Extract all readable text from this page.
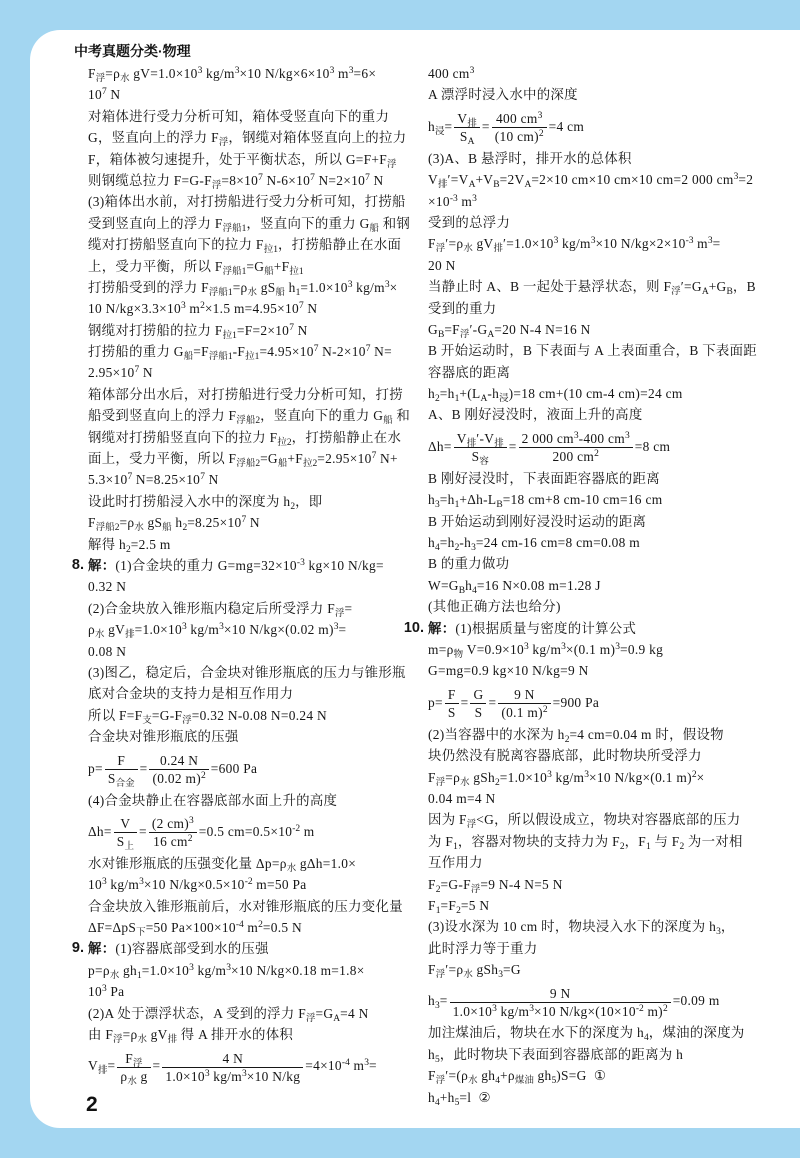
中考真题分类·物理
$F_浮=\rho_水$ $gV=1.0\times 10^3$ $kg/m^3\times 10$ $N/kg\times 6\times 10^3$ $m^3=6\times$
$10^7$ N
对箱体进行受力分析可知，箱体受竖直向下的重力
G，竖直向上的浮力 $F_浮$，钢缆对箱体竖直向上的拉力
F，箱体被匀速提升，处于平衡状态，所以 $G=F+F_浮$
则钢缆总拉力 $F=G-F_浮=8\times 10^7$ $N-6\times 10^7$ $N=2\times 10^7$ N
(3)箱体出水前，对打捞船进行受力分析可知，打捞船
受到竖直向上的浮力 $F_{浮船1}$，竖直向下的重力 $G_船$ 和钢
缆对打捞船竖直向下的拉力 $F_{拉1}$，打捞船静止在水面
上，受力平衡，所以 $F_{浮船1}=G_船+F_{拉1}$
打捞船受到的浮力 $F_{浮船1}=\rho_水$ $gS_船$ $h_1=1.0\times 10^3$ $kg/m^3\times$
10 $N/kg\times 3.3\times 10^3$ $m^2\times 1.5$ $m=4.95\times 10^7$ N
钢缆对打捞船的拉力 $F_{拉1}=F=2\times 10^7$ N
打捞船的重力 $G_船=F_{浮船1}-F_{拉1}=4.95\times 10^7$ $N-2\times 10^7$ N=
$2.95\times 10^7$ N
箱体部分出水后，对打捞船进行受力分析可知，打捞
船受到竖直向上的浮力 $F_{浮船2}$，竖直向下的重力 $G_船$ 和
钢缆对打捞船竖直向下的拉力 $F_{拉2}$，打捞船静止在水
面上，受力平衡，所以 $F_{浮船2}=G_船+F_{拉2}=2.95\times 10^7$ N+
$5.3\times 10^7$ $N=8.25\times 10^7$ N
设此时打捞船浸入水中的深度为 $h_2$，即
$F_{浮船2}=\rho_水$ $gS_船$ $h_2=8.25\times 10^7$ N
解得 $h_2=2.5$ m
8. 解：(1)合金块的重力 $G=mg=32\times 10^{-3}$ kg×10 N/kg=
0.32 N
(2)合金块放入锥形瓶内稳定后所受浮力 $F_浮=$
$\rho_水$ $gV_排=1.0\times 10^3$ $kg/m^3\times 10$ N/kg×(0.02 m)$^3$=
0.08 N
(3)图乙，稳定后，合金块对锥形瓶底的压力与锥形瓶
底对合金块的支持力是相互作用力
所以 $F=F_支=G-F_浮=0.32$ N-0.08 N=0.24 N
合金块对锥形瓶底的压强
$p= \frac{F}{S_{合金}} = \frac{0.24 N}{(0.02 m)^2} =600$ Pa
(4)合金块静止在容器底部水面上升的高度
$\Delta h= \frac{V}{S_上} = \frac{(2 cm)^3}{16 cm^2} =0.5$ $cm=0.5\times 10^{-2}$ m
水对锥形瓶底的压强变化量 $\Delta p=\rho_水$ gΔh=1.0×
$10^3$ $kg/m^3\times 10$ $N/kg\times 0.5\times 10^{-2}$ m=50 Pa
合金块放入锥形瓶前后，水对锥形瓶底的压力变化量
ΔF=ΔpS$_下$=50 $Pa\times 100\times 10^{-4}$ $m^2=0.5$ N
9. 解：(1)容器底部受到水的压强
$p=\rho_水$ $gh_1=1.0\times 10^3$ $kg/m^3\times 10$ N/kg×0.18 m=1.8×
$10^3$ Pa
(2)A 处于漂浮状态，A 受到的浮力 $F_浮=G_A=4$ N
由 $F_浮=\rho_水$ $gV_排$ 得 A 排开水的体积
$V_排= \frac{F_浮}{\rho_水 g} = \frac{4 N}{1.0\times 10^3 kg/m^3\times 10 N/kg} =4\times 10^{-4}$ $m^3=$
400 $cm^3$
A 漂浮时浸入水中的深度
$h_浸= \frac{V_排}{S_A} = \frac{400 cm^3}{(10 cm)^2} =4$ cm
(3)A、B 悬浮时，排开水的总体积
$V_排'=V_A+V_B=2V_A=2\times 10$ cm×10 cm×10 cm=2 000 $cm^3=2$
$\times 10^{-3}$ $m^3$
受到的总浮力
$F_浮'=\rho_水$ $gV_排'=1.0\times 10^3$ $kg/m^3\times 10$ $N/kg\times 2\times 10^{-3}$ $m^3=$
20 N
当静止时 A、B 一起处于悬浮状态，则 $F_浮'=G_A+G_B$，B
受到的重力
$G_B=F_浮'-G_A=20$ N-4 N=16 N
B 开始运动时，B 下表面与 A 上表面重合，B 下表面距
容器底的距离
$h_2=h_1+(L_A-h_浸)=18$ cm+(10 cm-4 cm)=24 cm
A、B 刚好浸没时，液面上升的高度
$\Delta h= \frac{V_排'-V_排}{S_容} = \frac{2 000 cm^3-400 cm^3}{200 cm^2} =8$ cm
B 刚好浸没时，下表面距容器底的距离
$h_3=h_1+\Delta h-L_B=18$ cm+8 cm-10 cm=16 cm
B 开始运动到刚好浸没时运动的距离
$h_4=h_2-h_3=24$ cm-16 cm=8 cm=0.08 m
B 的重力做功
$W=G_Bh_4=16$ N×0.08 m=1.28 J
(其他正确方法也给分)
10. 解：(1)根据质量与密度的计算公式
$m=\rho_物$ $V=0.9\times 10^3$ $kg/m^3\times(0.1$ m)$^3$=0.9 kg
G=mg=0.9 kg×10 N/kg=9 N
$p= \frac{F}{S} = \frac{G}{S} = \frac{9 N}{(0.1 m)^2} =900$ Pa
(2)当容器中的水深为 $h_2=4$ cm=0.04 m 时，假设物
块仍然没有脱离容器底部，此时物块所受浮力
$F_浮=\rho_水$ $gSh_2=1.0\times 10^3$ $kg/m^3\times 10$ N/kg×(0.1 m)$^2$×
0.04 m=4 N
因为 $F_浮<G$，所以假设成立，物块对容器底部的压力
为 $F_1$，容器对物块的支持力为 $F_2$，$F_1$ 与 $F_2$ 为一对相
互作用力
$F_2=G-F_浮=9$ N-4 N=5 N
$F_1=F_2=5$ N
(3)设水深为 10 cm 时，物块浸入水下的深度为 $h_3$，
此时浮力等于重力
$F_浮'=\rho_水$ gSh$_3$=G
$h_3= \frac{9 N}{1.0\times 10^3 kg/m^3\times 10 N/kg\times(10\times 10^{-2} m)^2} =0.09$ m
加注煤油后，物块在水下的深度为 $h_4$，煤油的深度为
$h_5$，此时物块下表面到容器底部的距离为 h
$F_浮'=(\rho_水$ $gh_4+\rho_{煤油}$ $gh_5)S=G$  ①
$h_4+h_5=l$  ②
2
